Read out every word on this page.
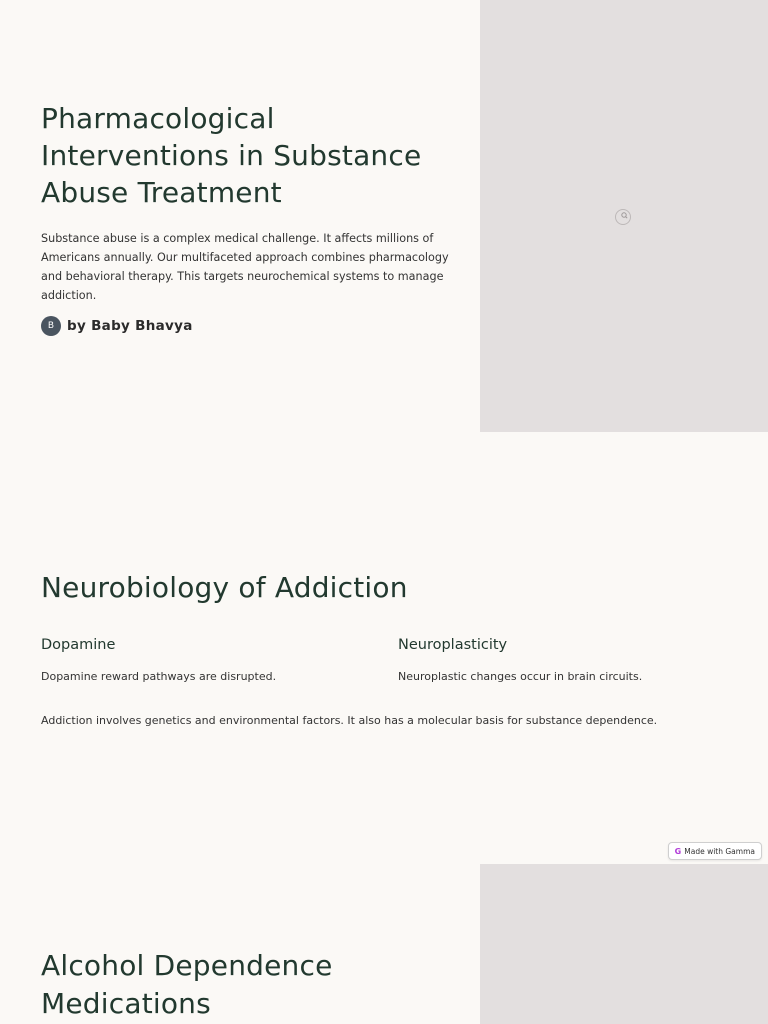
Pharmacological Interventions in Substance Abuse Treatment

Substance abuse is a complex medical challenge. It affects millions of Americans annually. Our multifaceted approach combines pharmacology and behavioral therapy. This targets neurochemical systems to manage addiction.

B by Baby Bhavya
Neurobiology of Addiction
Dopamine

Dopamine reward pathways are disrupted.

Neuroplasticity

Neuroplastic changes occur in brain circuits.

Addiction involves genetics and environmental factors. It also has a molecular basis for substance dependence.

G Made with Gamma
Alcohol Dependence Medications
